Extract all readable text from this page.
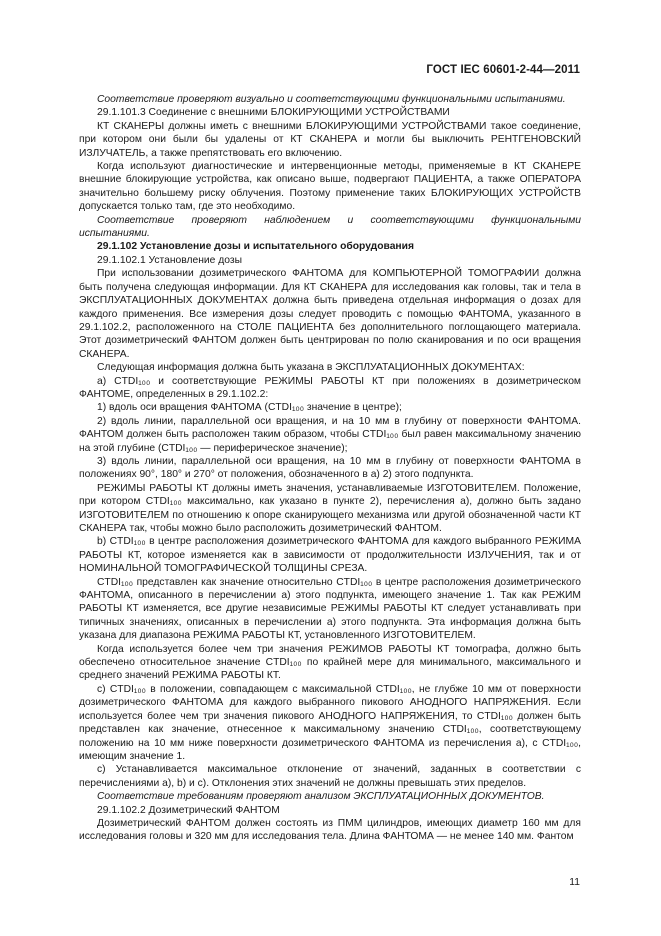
ГОСТ IEC 60601-2-44—2011

Соответствие проверяют визуально и соответствующими функциональными испытаниями.

29.1.101.3 Соединение с внешними БЛОКИРУЮЩИМИ УСТРОЙСТВАМИ

КТ СКАНЕРЫ должны иметь с внешними БЛОКИРУЮЩИМИ УСТРОЙСТВАМИ такое соединение, при котором они были бы удалены от КТ СКАНЕРА и могли бы выключить РЕНТГЕНОВСКИЙ ИЗЛУЧАТЕЛЬ, а также препятствовать его включению.

Когда используют диагностические и интервенционные методы, применяемые в КТ СКАНЕРЕ внешние блокирующие устройства, как описано выше, подвергают ПАЦИЕНТА, а также ОПЕРАТОРА значительно большему риску облучения. Поэтому применение таких БЛОКИРУЮЩИХ УСТРОЙСТВ допускается только там, где это необходимо.

Соответствие проверяют наблюдением и соответствующими функциональными испытаниями.

29.1.102 Установление дозы и испытательного оборудования

29.1.102.1 Установление дозы

При использовании дозиметрического ФАНТОМА для КОМПЬЮТЕРНОЙ ТОМОГРАФИИ должна быть получена следующая информации. Для КТ СКАНЕРА для исследования как головы, так и тела в ЭКСПЛУАТАЦИОННЫХ ДОКУМЕНТАХ должна быть приведена отдельная информация о дозах для каждого применения. Все измерения дозы следует проводить с помощью ФАНТОМА, указанного в 29.1.102.2, расположенного на СТОЛЕ ПАЦИЕНТА без дополнительного поглощающего материала. Этот дозиметрический ФАНТОМ должен быть центрирован по полю сканирования и по оси вращения СКАНЕРА.

Следующая информация должна быть указана в ЭКСПЛУАТАЦИОННЫХ ДОКУМЕНТАХ:

а) CTDI₁₀₀ и соответствующие РЕЖИМЫ РАБОТЫ КТ при положениях в дозиметрическом ФАНТОМЕ, определенных в 29.1.102.2:

1) вдоль оси вращения ФАНТОМА (CTDI₁₀₀ значение в центре);

2) вдоль линии, параллельной оси вращения, и на 10 мм в глубину от поверхности ФАНТОМА. ФАНТОМ должен быть расположен таким образом, чтобы CTDI₁₀₀ был равен максимальному значению на этой глубине (CTDI₁₀₀ — периферическое значение);

3) вдоль линии, параллельной оси вращения, на 10 мм в глубину от поверхности ФАНТОМА в положениях 90°, 180° и 270° от положения, обозначенного в а) 2) этого подпункта.

РЕЖИМЫ РАБОТЫ КТ должны иметь значения, устанавливаемые ИЗГОТОВИТЕЛЕМ. Положение, при котором CTDI₁₀₀ максимально, как указано в пункте 2), перечисления а), должно быть задано ИЗГОТОВИТЕЛЕМ по отношению к опоре сканирующего механизма или другой обозначенной части КТ СКАНЕРА так, чтобы можно было расположить дозиметрический ФАНТОМ.

b) CTDI₁₀₀ в центре расположения дозиметрического ФАНТОМА для каждого выбранного РЕЖИМА РАБОТЫ КТ, которое изменяется как в зависимости от продолжительности ИЗЛУЧЕНИЯ, так и от НОМИНАЛЬНОЙ ТОМОГРАФИЧЕСКОЙ ТОЛЩИНЫ СРЕЗА.

CTDI₁₀₀ представлен как значение относительно CTDI₁₀₀ в центре расположения дозиметрического ФАНТОМА, описанного в перечислении а) этого подпункта, имеющего значение 1. Так как РЕЖИМ РАБОТЫ КТ изменяется, все другие независимые РЕЖИМЫ РАБОТЫ КТ следует устанавливать при типичных значениях, описанных в перечислении а) этого подпункта. Эта информация должна быть указана для диапазона РЕЖИМА РАБОТЫ КТ, установленного ИЗГОТОВИТЕЛЕМ.

Когда используется более чем три значения РЕЖИМОВ РАБОТЫ КТ томографа, должно быть обеспечено относительное значение CTDI₁₀₀ по крайней мере для минимального, максимального и среднего значений РЕЖИМА РАБОТЫ КТ.

с) CTDI₁₀₀ в положении, совпадающем с максимальной CTDI₁₀₀, не глубже 10 мм от поверхности дозиметрического ФАНТОМА для каждого выбранного пикового АНОДНОГО НАПРЯЖЕНИЯ. Если используется более чем три значения пикового АНОДНОГО НАПРЯЖЕНИЯ, то CTDI₁₀₀ должен быть представлен как значение, отнесенное к максимальному значению CTDI₁₀₀, соответствующему положению на 10 мм ниже поверхности дозиметрического ФАНТОМА из перечисления а), с CTDI₁₀₀, имеющим значение 1.

с) Устанавливается максимальное отклонение от значений, заданных в соответствии с перечислениями а), b) и с). Отклонения этих значений не должны превышать этих пределов.

Соответствие требованиям проверяют анализом ЭКСПЛУАТАЦИОННЫХ ДОКУМЕНТОВ.

29.1.102.2 Дозиметрический ФАНТОМ

Дозиметрический ФАНТОМ должен состоять из ПММ цилиндров, имеющих диаметр 160 мм для исследования головы и 320 мм для исследования тела. Длина ФАНТОМА — не менее 140 мм. Фантом

11
